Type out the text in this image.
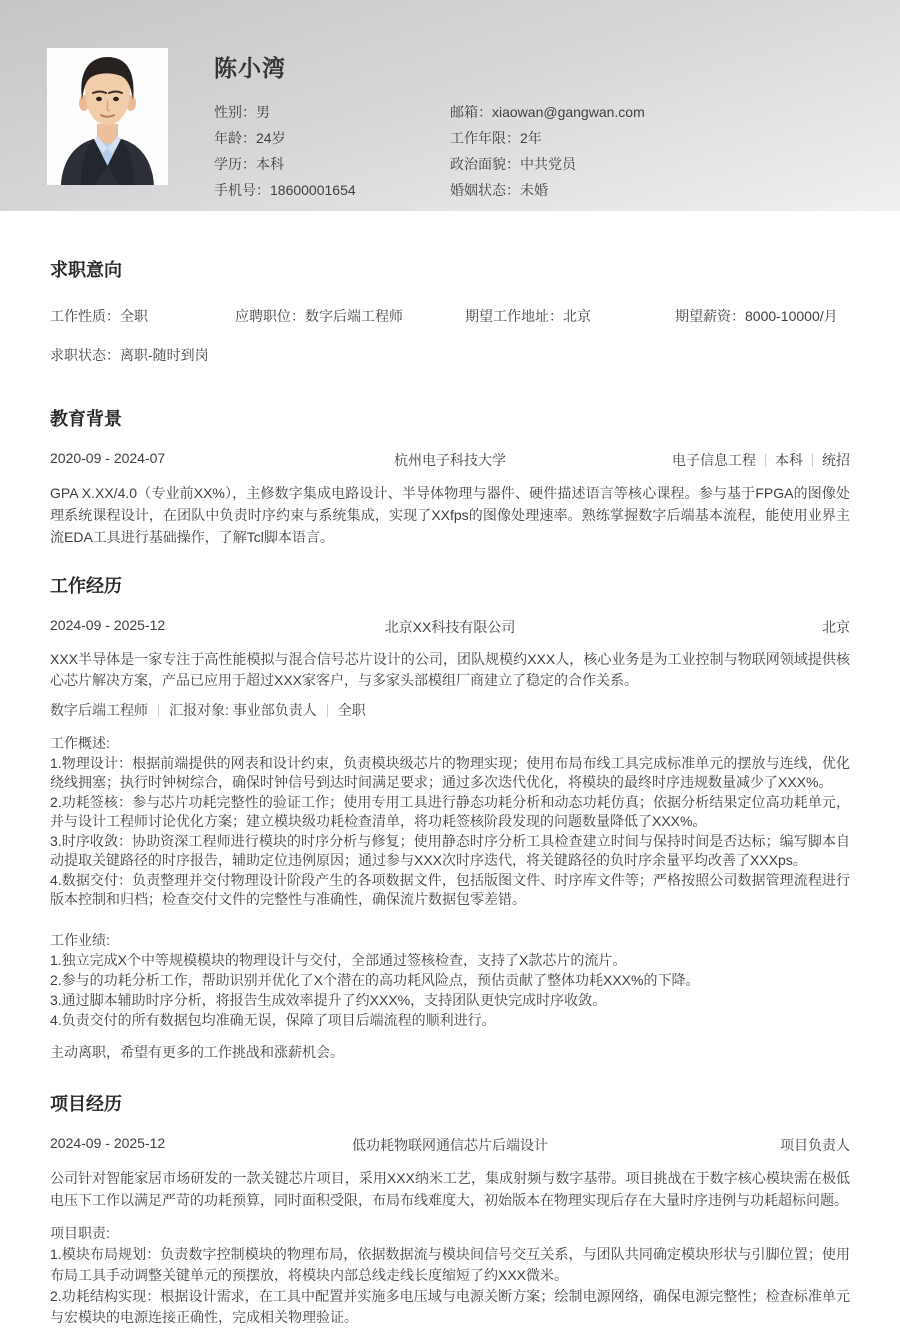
陈小湾
性别：男
年龄：24岁
学历：本科
手机号：18600001654
邮箱：xiaowan@gangwan.com
工作年限：2年
政治面貌：中共党员
婚姻状态：未婚
求职意向
工作性质：全职	应聘职位：数字后端工程师	期望工作地址：北京	期望薪资：8000-10000/月
求职状态：离职-随时到岗
教育背景
2020-09 - 2024-07	杭州电子科技大学	电子信息工程 本科 统招
GPA X.XX/4.0（专业前XX%），主修数字集成电路设计、半导体物理与器件、硬件描述语言等核心课程。参与基于FPGA的图像处理系统课程设计，在团队中负责时序约束与系统集成，实现了XXfps的图像处理速率。熟练掌握数字后端基本流程，能使用业界主流EDA工具进行基础操作，了解Tcl脚本语言。
工作经历
2024-09 - 2025-12	北京XX科技有限公司	北京
XXX半导体是一家专注于高性能模拟与混合信号芯片设计的公司，团队规模约XXX人，核心业务是为工业控制与物联网领域提供核心芯片解决方案，产品已应用于超过XXX家客户，与多家头部模组厂商建立了稳定的合作关系。
数字后端工程师 汇报对象: 事业部负责人 全职
工作概述:
1.物理设计：根据前端提供的网表和设计约束，负责模块级芯片的物理实现；使用布局布线工具完成标准单元的摆放与连线，优化绕线拥塞；执行时钟树综合，确保时钟信号到达时间满足要求；通过多次迭代优化，将模块的最终时序违规数量减少了XXX%。
2.功耗签核：参与芯片功耗完整性的验证工作；使用专用工具进行静态功耗分析和动态功耗仿真；依据分析结果定位高功耗单元，并与设计工程师讨论优化方案；建立模块级功耗检查清单，将功耗签核阶段发现的问题数量降低了XXX%。
3.时序收敛：协助资深工程师进行模块的时序分析与修复；使用静态时序分析工具检查建立时间与保持时间是否达标；编写脚本自动提取关键路径的时序报告，辅助定位违例原因；通过参与XXX次时序迭代，将关键路径的负时序余量平均改善了XXXps。
4.数据交付：负责整理并交付物理设计阶段产生的各项数据文件，包括版图文件、时序库文件等；严格按照公司数据管理流程进行版本控制和归档；检查交付文件的完整性与准确性，确保流片数据包零差错。
工作业绩:
1.独立完成X个中等规模模块的物理设计与交付，全部通过签核检查，支持了X款芯片的流片。
2.参与的功耗分析工作，帮助识别并优化了X个潜在的高功耗风险点，预估贡献了整体功耗XXX%的下降。
3.通过脚本辅助时序分析，将报告生成效率提升了约XXX%，支持团队更快完成时序收敛。
4.负责交付的所有数据包均准确无误，保障了项目后端流程的顺利进行。
主动离职，希望有更多的工作挑战和涨薪机会。
项目经历
2024-09 - 2025-12	低功耗物联网通信芯片后端设计	项目负责人
公司针对智能家居市场研发的一款关键芯片项目，采用XXX纳米工艺，集成射频与数字基带。项目挑战在于数字核心模块需在极低电压下工作以满足严苛的功耗预算，同时面积受限，布局布线难度大，初始版本在物理实现后存在大量时序违例与功耗超标问题。
项目职责:
1.模块布局规划：负责数字控制模块的物理布局，依据数据流与模块间信号交互关系，与团队共同确定模块形状与引脚位置；使用布局工具手动调整关键单元的预摆放，将模块内部总线走线长度缩短了约XXX微米。
2.功耗结构实现：根据设计需求，在工具中配置并实施多电压域与电源关断方案；绘制电源网络，确保电源完整性；检查标准单元与宏模块的电源连接正确性，完成相关物理验证。
